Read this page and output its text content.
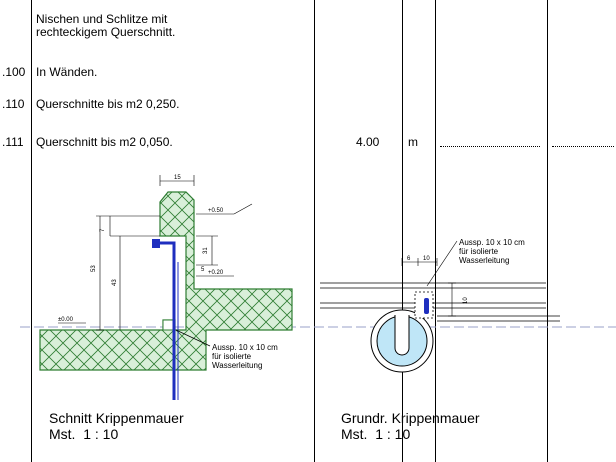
Nischen und Schlitze mit
rechteckigem Querschnitt.
.100 In Wänden.
.110 Querschnitte bis m2 0,250.
.111 Querschnitt bis m2 0,050.	4.00 m
15
7
53
43
31
5
+0.50
+0.20
±0.00
Aussp. 10 x 10 cm
für isolierte
Wasserleitung
6 10
10
Aussp. 10 x 10 cm
für isolierte
Wasserleitung
Schnitt Krippenmauer
Mst.  1 : 10
Grundr. Krippenmauer
Mst.  1 : 10
